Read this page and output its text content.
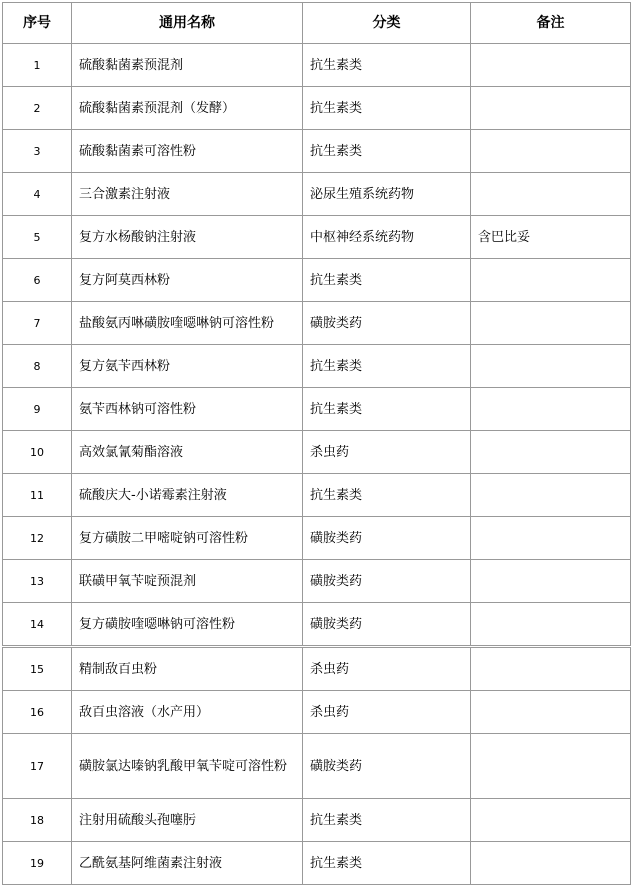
序号	通用名称	分类	备注
1	硫酸黏菌素预混剂	抗生素类	
2	硫酸黏菌素预混剂（发酵）	抗生素类	
3	硫酸黏菌素可溶性粉	抗生素类	
4	三合激素注射液	泌尿生殖系统药物	
5	复方水杨酸钠注射液	中枢神经系统药物	含巴比妥
6	复方阿莫西林粉	抗生素类	
7	盐酸氨丙啉磺胺喹噁啉钠可溶性粉	磺胺类药	
8	复方氨苄西林粉	抗生素类	
9	氨苄西林钠可溶性粉	抗生素类	
10	高效氯氰菊酯溶液	杀虫药	
11	硫酸庆大-小诺霉素注射液	抗生素类	
12	复方磺胺二甲嘧啶钠可溶性粉	磺胺类药	
13	联磺甲氧苄啶预混剂	磺胺类药	
14	复方磺胺喹噁啉钠可溶性粉	磺胺类药	
15	精制敌百虫粉	杀虫药	
16	敌百虫溶液（水产用）	杀虫药	
17	磺胺氯达嗪钠乳酸甲氧苄啶可溶性粉	磺胺类药	
18	注射用硫酸头孢噻肟	抗生素类	
19	乙酰氨基阿维菌素注射液	抗生素类	
